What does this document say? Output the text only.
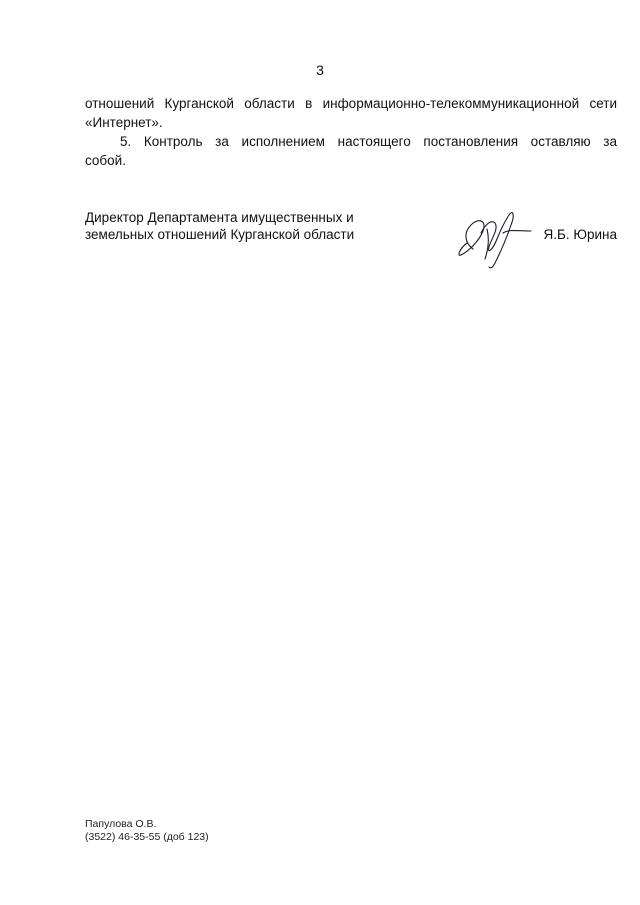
3

отношений Курганской области в информационно-телекоммуникационной сети

«Интернет».

5. Контроль за исполнением настоящего постановления оставляю за

собой.

Директор Департамента имущественных и
земельных отношений Курганской области	Я.Б. Юрина
Папулова О.В.
(3522) 46-35-55 (доб 123)
